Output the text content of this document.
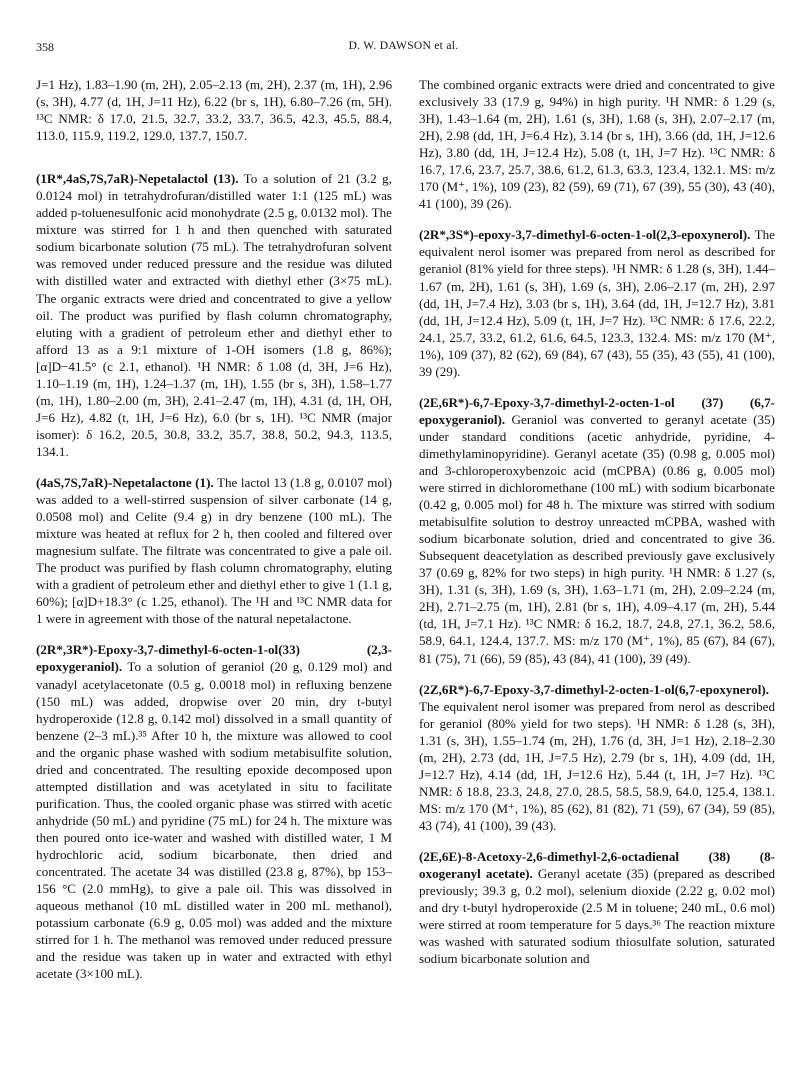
358	D. W. DAWSON et al.

J=1 Hz), 1.83–1.90 (m, 2H), 2.05–2.13 (m, 2H), 2.37 (m, 1H), 2.96 (s, 3H), 4.77 (d, 1H, J=11 Hz), 6.22 (br s, 1H), 6.80–7.26 (m, 5H). ¹³C NMR: δ 17.0, 21.5, 32.7, 33.2, 33.7, 36.5, 42.3, 45.5, 88.4, 113.0, 115.9, 119.2, 129.0, 137.7, 150.7.

(1R*,4aS,7S,7aR)-Nepetalactol (13). To a solution of 21 (3.2 g, 0.0124 mol) in tetrahydrofuran/distilled water 1:1 (125 mL) was added p-toluenesulfonic acid monohydrate (2.5 g, 0.0132 mol). The mixture was stirred for 1 h and then quenched with saturated sodium bicarbonate solution (75 mL). The tetrahydrofuran solvent was removed under reduced pressure and the residue was diluted with distilled water and extracted with diethyl ether (3×75 mL). The organic extracts were dried and concentrated to give a yellow oil. The product was purified by flash column chromatography, eluting with a gradient of petroleum ether and diethyl ether to afford 13 as a 9:1 mixture of 1-OH isomers (1.8 g, 86%); [α]D−41.5° (c 2.1, ethanol). ¹H NMR: δ 1.08 (d, 3H, J=6 Hz), 1.10–1.19 (m, 1H), 1.24–1.37 (m, 1H), 1.55 (br s, 3H), 1.58–1.77 (m, 1H), 1.80–2.00 (m, 3H), 2.41–2.47 (m, 1H), 4.31 (d, 1H, OH, J=6 Hz), 4.82 (t, 1H, J=6 Hz), 6.0 (br s, 1H). ¹³C NMR (major isomer): δ 16.2, 20.5, 30.8, 33.2, 35.7, 38.8, 50.2, 94.3, 113.5, 134.1.

(4aS,7S,7aR)-Nepetalactone (1). The lactol 13 (1.8 g, 0.0107 mol) was added to a well-stirred suspension of silver carbonate (14 g, 0.0508 mol) and Celite (9.4 g) in dry benzene (100 mL). The mixture was heated at reflux for 2 h, then cooled and filtered over magnesium sulfate. The filtrate was concentrated to give a pale oil. The product was purified by flash column chromatography, eluting with a gradient of petroleum ether and diethyl ether to give 1 (1.1 g, 60%); [α]D+18.3° (c 1.25, ethanol). The ¹H and ¹³C NMR data for 1 were in agreement with those of the natural nepetalactone.

(2R*,3R*)-Epoxy-3,7-dimethyl-6-octen-1-ol(33) (2,3-epoxygeraniol). To a solution of geraniol (20 g, 0.129 mol) and vanadyl acetylacetonate (0.5 g, 0.0018 mol) in refluxing benzene (150 mL) was added, dropwise over 20 min, dry t-butyl hydroperoxide (12.8 g, 0.142 mol) dissolved in a small quantity of benzene (2–3 mL).³⁵ After 10 h, the mixture was allowed to cool and the organic phase washed with sodium metabisulfite solution, dried and concentrated. The resulting epoxide decomposed upon attempted distillation and was acetylated in situ to facilitate purification. Thus, the cooled organic phase was stirred with acetic anhydride (50 mL) and pyridine (75 mL) for 24 h. The mixture was then poured onto ice-water and washed with distilled water, 1 M hydrochloric acid, sodium bicarbonate, then dried and concentrated. The acetate 34 was distilled (23.8 g, 87%), bp 153–156 °C (2.0 mmHg), to give a pale oil. This was dissolved in aqueous methanol (10 mL distilled water in 200 mL methanol), potassium carbonate (6.9 g, 0.05 mol) was added and the mixture stirred for 1 h. The methanol was removed under reduced pressure and the residue was taken up in water and extracted with ethyl acetate (3×100 mL).

The combined organic extracts were dried and concentrated to give exclusively 33 (17.9 g, 94%) in high purity. ¹H NMR: δ 1.29 (s, 3H), 1.43–1.64 (m, 2H), 1.61 (s, 3H), 1.68 (s, 3H), 2.07–2.17 (m, 2H), 2.98 (dd, 1H, J=6.4 Hz), 3.14 (br s, 1H), 3.66 (dd, 1H, J=12.6 Hz), 3.80 (dd, 1H, J=12.4 Hz), 5.08 (t, 1H, J=7 Hz). ¹³C NMR: δ 16.7, 17.6, 23.7, 25.7, 38.6, 61.2, 61.3, 63.3, 123.4, 132.1. MS: m/z 170 (M⁺, 1%), 109 (23), 82 (59), 69 (71), 67 (39), 55 (30), 43 (40), 41 (100), 39 (26).

(2R*,3S*)-epoxy-3,7-dimethyl-6-octen-1-ol(2,3-epoxynerol). The equivalent nerol isomer was prepared from nerol as described for geraniol (81% yield for three steps). ¹H NMR: δ 1.28 (s, 3H), 1.44–1.67 (m, 2H), 1.61 (s, 3H), 1.69 (s, 3H), 2.06–2.17 (m, 2H), 2.97 (dd, 1H, J=7.4 Hz), 3.03 (br s, 1H), 3.64 (dd, 1H, J=12.7 Hz), 3.81 (dd, 1H, J=12.4 Hz), 5.09 (t, 1H, J=7 Hz). ¹³C NMR: δ 17.6, 22.2, 24.1, 25.7, 33.2, 61.2, 61.6, 64.5, 123.3, 132.4. MS: m/z 170 (M⁺, 1%), 109 (37), 82 (62), 69 (84), 67 (43), 55 (35), 43 (55), 41 (100), 39 (29).

(2E,6R*)-6,7-Epoxy-3,7-dimethyl-2-octen-1-ol (37) (6,7-epoxygeraniol). Geraniol was converted to geranyl acetate (35) under standard conditions (acetic anhydride, pyridine, 4-dimethylaminopyridine). Geranyl acetate (35) (0.98 g, 0.005 mol) and 3-chloroperoxybenzoic acid (mCPBA) (0.86 g, 0.005 mol) were stirred in dichloromethane (100 mL) with sodium bicarbonate (0.42 g, 0.005 mol) for 48 h. The mixture was stirred with sodium metabisulfite solution to destroy unreacted mCPBA, washed with sodium bicarbonate solution, dried and concentrated to give 36. Subsequent deacetylation as described previously gave exclusively 37 (0.69 g, 82% for two steps) in high purity. ¹H NMR: δ 1.27 (s, 3H), 1.31 (s, 3H), 1.69 (s, 3H), 1.63–1.71 (m, 2H), 2.09–2.24 (m, 2H), 2.71–2.75 (m, 1H), 2.81 (br s, 1H), 4.09–4.17 (m, 2H), 5.44 (td, 1H, J=7.1 Hz). ¹³C NMR: δ 16.2, 18.7, 24.8, 27.1, 36.2, 58.6, 58.9, 64.1, 124.4, 137.7. MS: m/z 170 (M⁺, 1%), 85 (67), 84 (67), 81 (75), 71 (66), 59 (85), 43 (84), 41 (100), 39 (49).

(2Z,6R*)-6,7-Epoxy-3,7-dimethyl-2-octen-1-ol(6,7-epoxynerol). The equivalent nerol isomer was prepared from nerol as described for geraniol (80% yield for two steps). ¹H NMR: δ 1.28 (s, 3H), 1.31 (s, 3H), 1.55–1.74 (m, 2H), 1.76 (d, 3H, J=1 Hz), 2.18–2.30 (m, 2H), 2.73 (dd, 1H, J=7.5 Hz), 2.79 (br s, 1H), 4.09 (dd, 1H, J=12.7 Hz), 4.14 (dd, 1H, J=12.6 Hz), 5.44 (t, 1H, J=7 Hz). ¹³C NMR: δ 18.8, 23.3, 24.8, 27.0, 28.5, 58.5, 58.9, 64.0, 125.4, 138.1. MS: m/z 170 (M⁺, 1%), 85 (62), 81 (82), 71 (59), 67 (34), 59 (85), 43 (74), 41 (100), 39 (43).

(2E,6E)-8-Acetoxy-2,6-dimethyl-2,6-octadienal (38) (8-oxogeranyl acetate). Geranyl acetate (35) (prepared as described previously; 39.3 g, 0.2 mol), selenium dioxide (2.22 g, 0.02 mol) and dry t-butyl hydroperoxide (2.5 M in toluene; 240 mL, 0.6 mol) were stirred at room temperature for 5 days.³⁶ The reaction mixture was washed with saturated sodium thiosulfate solution, saturated sodium bicarbonate solution and
